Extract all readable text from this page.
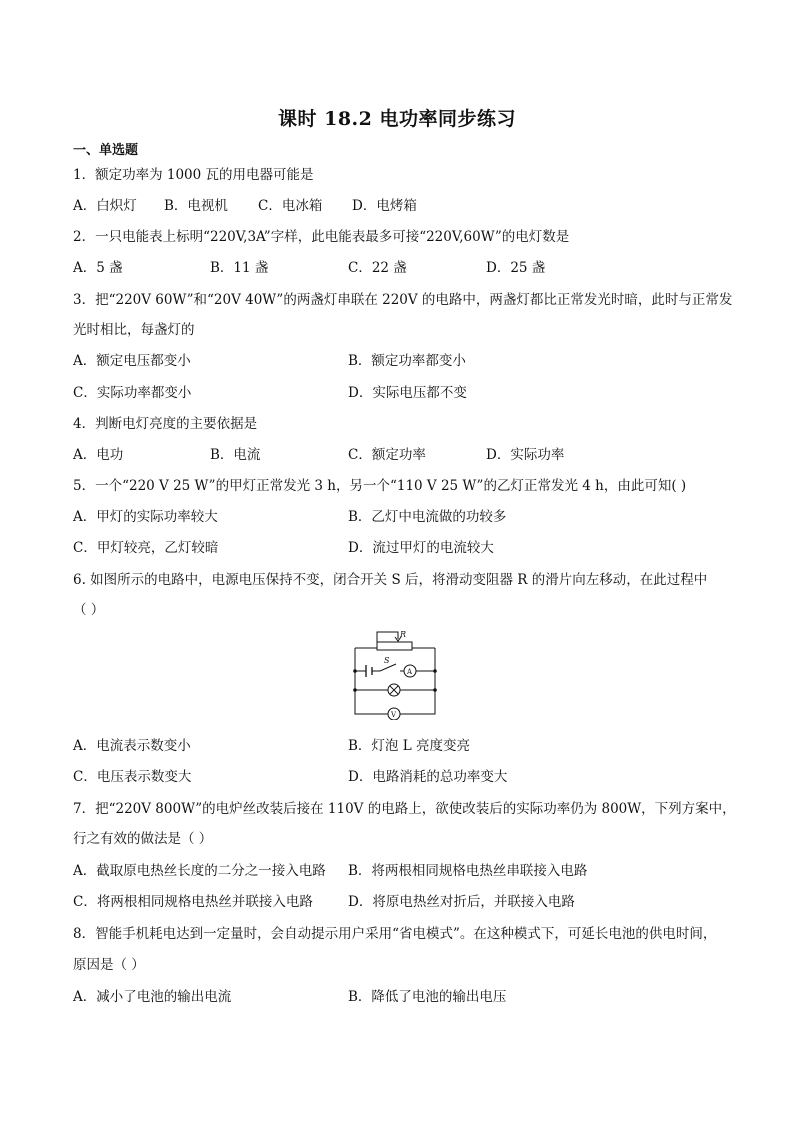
课时 18.2 电功率同步练习
一、单选题
1．额定功率为 1000 瓦的用电器可能是
A．白炽灯 B．电视机 C．电冰箱 D．电烤箱
2．一只电能表上标明“220V,3A”字样，此电能表最多可接“220V,60W”的电灯数是
A．5 盏	B．11 盏	C．22 盏	D．25 盏
3．把“220V 60W”和“20V 40W”的两盏灯串联在 220V 的电路中，两盏灯都比正常发光时暗，此时与正常发
光时相比，每盏灯的
A．额定电压都变小	B．额定功率都变小
C．实际功率都变小	D．实际电压都不变
4．判断电灯亮度的主要依据是
A．电功	B．电流	C．额定功率	D．实际功率
5．一个“220 V 25 W”的甲灯正常发光 3 h，另一个“110 V 25 W”的乙灯正常发光 4 h，由此可知( )
A．甲灯的实际功率较大	B．乙灯中电流做的功较多
C．甲灯较亮，乙灯较暗	D．流过甲灯的电流较大
6. 如图所示的电路中，电源电压保持不变，闭合开关 S 后，将滑动变阻器 R 的滑片向左移动，在此过程中
（ ）
R
S
A
V
A．电流表示数变小	B．灯泡 L 亮度变亮
C．电压表示数变大	D．电路消耗的总功率变大
7．把“220V 800W”的电炉丝改装后接在 110V 的电路上，欲使改装后的实际功率仍为 800W，下列方案中，
行之有效的做法是（ ）
A．截取原电热丝长度的二分之一接入电路 B．将两根相同规格电热丝串联接入电路
C．将两根相同规格电热丝并联接入电路	D．将原电热丝对折后，并联接入电路
8．智能手机耗电达到一定量时，会自动提示用户采用“省电模式”。在这种模式下，可延长电池的供电时间，
原因是（ ）
A．减小了电池的输出电流	B．降低了电池的输出电压
